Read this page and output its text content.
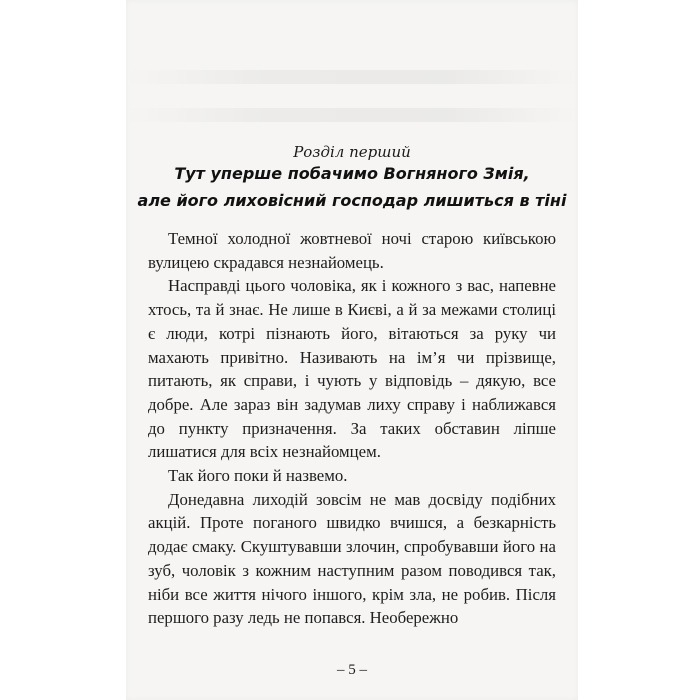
Розділ перший
Тут уперше побачимо Вогняного Змія,
але його лиховісний господар лишиться в тіні

Темної холодної жовтневої ночі старою київською вулицею скрадався незнайомець.

Насправді цього чоловіка, як і кожного з вас, напевне хтось, та й знає. Не лише в Києві, а й за межами столиці є люди, котрі пізнають його, вітаються за руку чи махають привітно. Називають на ім’я чи прізвище, питають, як справи, і чують у відповідь – дякую, все добре. Але зараз він задумав лиху справу і наближався до пункту призначення. За таких обставин ліпше лишатися для всіх незнайомцем.

Так його поки й назвемо.

Донедавна лиходій зовсім не мав досвіду подібних акцій. Проте поганого швидко вчишся, а безкарність додає смаку. Скуштувавши злочин, спробувавши його на зуб, чоловік з кожним наступним разом поводився так, ніби все життя нічого іншого, крім зла, не робив. Після першого разу ледь не попався. Необережно

– 5 –
